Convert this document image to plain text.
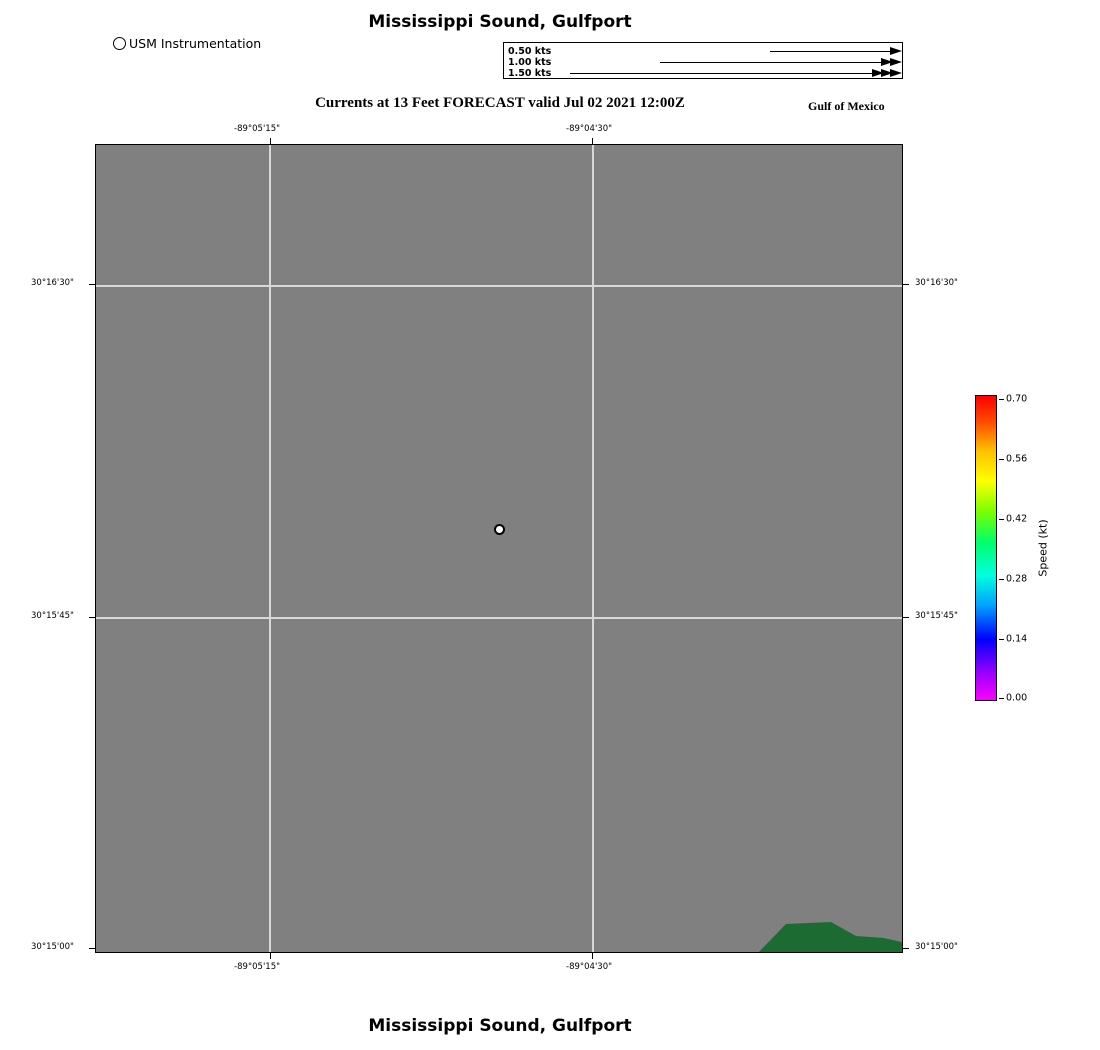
Mississippi Sound, Gulfport
USM Instrumentation
0.50 kts
1.00 kts
1.50 kts
Currents at 13 Feet FORECAST valid Jul 02 2021 12:00Z	Gulf of Mexico
-89°05'15"	-89°04'30"
-89°05'15"	-89°04'30"
30°16'30"
30°15'45"
30°15'00"
30°16'30"
30°15'45"
30°15'00"
0.70
0.56
0.42
0.28
0.14
0.00
Speed (kt)
Mississippi Sound, Gulfport
